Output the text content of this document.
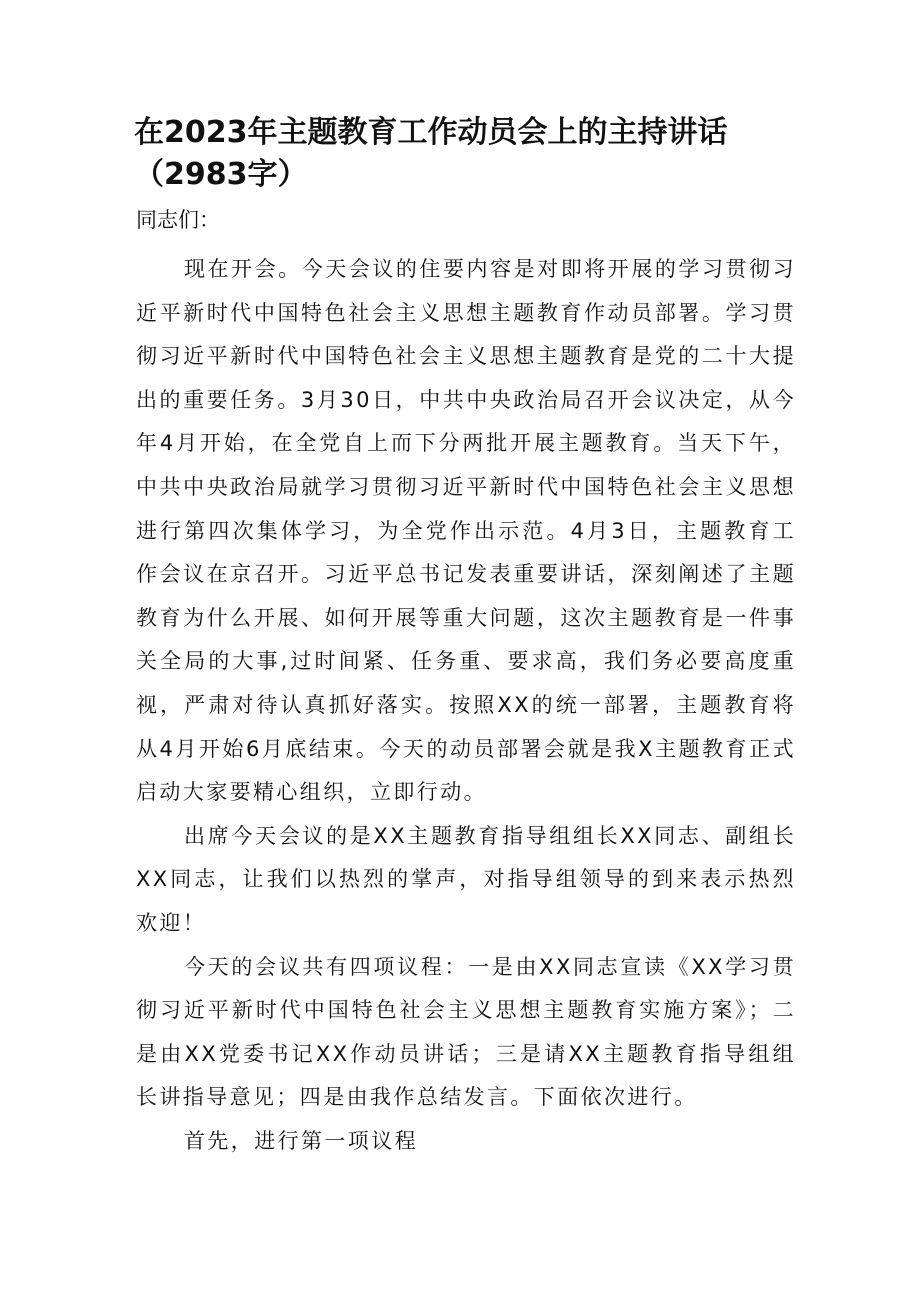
在2023年主题教育工作动员会上的主持讲话（2983字）

同志们：

现在开会。今天会议的住要内容是对即将开展的学习贯彻习近平新时代中国特色社会主义思想主题教育作动员部署。学习贯彻习近平新时代中国特色社会主义思想主题教育是党的二十大提出的重要任务。3月30日，中共中央政治局召开会议决定，从今年4月开始，在全党自上而下分两批开展主题教育。当天下午，中共中央政治局就学习贯彻习近平新时代中国特色社会主义思想进行第四次集体学习，为全党作出示范。4月3日，主题教育工作会议在京召开。习近平总书记发表重要讲话，深刻阐述了主题教育为什么开展、如何开展等重大问题，这次主题教育是一件事关全局的大事,过时间紧、任务重、要求高，我们务必要高度重视，严肃对待认真抓好落实。按照XX的统一部署，主题教育将从4月开始6月底结束。今天的动员部署会就是我X主题教育正式启动大家要精心组织，立即行动。

出席今天会议的是XX主题教育指导组组长XX同志、副组长XX同志，让我们以热烈的掌声，对指导组领导的到来表示热烈欢迎！

今天的会议共有四项议程：一是由XX同志宣读《XX学习贯彻习近平新时代中国特色社会主义思想主题教育实施方案》；二是由XX党委书记XX作动员讲话；三是请XX主题教育指导组组长讲指导意见；四是由我作总结发言。下面依次进行。

首先，进行第一项议程
